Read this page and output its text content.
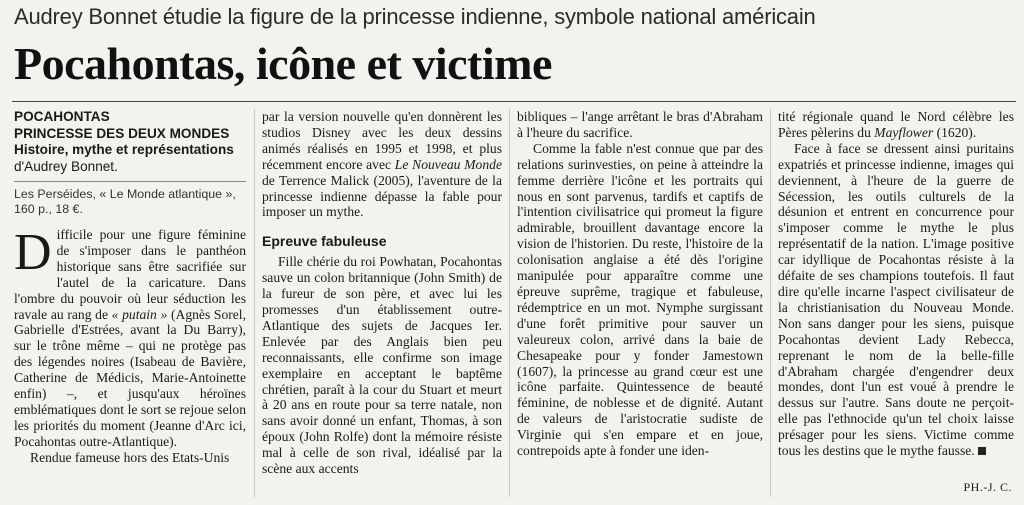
Audrey Bonnet étudie la figure de la princesse indienne, symbole national américain
Pocahontas, icône et victime
POCAHONTAS
PRINCESSE DES DEUX MONDES
Histoire, mythe et représentations
d'Audrey Bonnet.
Les Perséides, « Le Monde atlantique », 160 p., 18 €.

Difficile pour une figure féminine de s'imposer dans le panthéon historique sans être sacrifiée sur l'autel de la caricature. Dans l'ombre du pouvoir où leur séduction les ravale au rang de « putain » (Agnès Sorel, Gabrielle d'Estrées, avant la Du Barry), sur le trône même – qui ne protège pas des légendes noires (Isabeau de Bavière, Catherine de Médicis, Marie-Antoinette enfin) –, et jusqu'aux héroïnes emblématiques dont le sort se rejoue selon les priorités du moment (Jeanne d'Arc ici, Pocahontas outre-Atlantique).

Rendue fameuse hors des Etats-Unis

par la version nouvelle qu'en donnèrent les studios Disney avec les deux dessins animés réalisés en 1995 et 1998, et plus récemment encore avec Le Nouveau Monde de Terrence Malick (2005), l'aventure de la princesse indienne dépasse la fable pour imposer un mythe.

Epreuve fabuleuse

Fille chérie du roi Powhatan, Pocahontas sauve un colon britannique (John Smith) de la fureur de son père, et avec lui les promesses d'un établissement outre-Atlantique des sujets de Jacques Ier. Enlevée par des Anglais bien peu reconnaissants, elle confirme son image exemplaire en acceptant le baptême chrétien, paraît à la cour du Stuart et meurt à 20 ans en route pour sa terre natale, non sans avoir donné un enfant, Thomas, à son époux (John Rolfe) dont la mémoire résiste mal à celle de son rival, idéalisé par la scène aux accents

bibliques – l'ange arrêtant le bras d'Abraham à l'heure du sacrifice.

Comme la fable n'est connue que par des relations surinvesties, on peine à atteindre la femme derrière l'icône et les portraits qui nous en sont parvenus, tardifs et captifs de l'intention civilisatrice qui promeut la figure admirable, brouillent davantage encore la vision de l'historien. Du reste, l'histoire de la colonisation anglaise a été dès l'origine manipulée pour apparaître comme une épreuve suprême, tragique et fabuleuse, rédemptrice en un mot. Nymphe surgissant d'une forêt primitive pour sauver un valeureux colon, arrivé dans la baie de Chesapeake pour y fonder Jamestown (1607), la princesse au grand cœur est une icône parfaite. Quintessence de beauté féminine, de noblesse et de dignité. Autant de valeurs de l'aristocratie sudiste de Virginie qui s'en empare et en joue, contrepoids apte à fonder une iden-

tité régionale quand le Nord célèbre les Pères pèlerins du Mayflower (1620).

Face à face se dressent ainsi puritains expatriés et princesse indienne, images qui deviennent, à l'heure de la guerre de Sécession, les outils culturels de la désunion et entrent en concurrence pour s'imposer comme le mythe le plus représentatif de la nation. L'image positive car idyllique de Pocahontas résiste à la défaite de ses champions toutefois. Il faut dire qu'elle incarne l'aspect civilisateur de la christianisation du Nouveau Monde. Non sans danger pour les siens, puisque Pocahontas devient Lady Rebecca, reprenant le nom de la belle-fille d'Abraham chargée d'engendrer deux mondes, dont l'un est voué à prendre le dessus sur l'autre. Sans doute ne perçoit-elle pas l'ethnocide qu'un tel choix laisse présager pour les siens. Victime comme tous les destins que le mythe fausse.

PH.-J. C.
